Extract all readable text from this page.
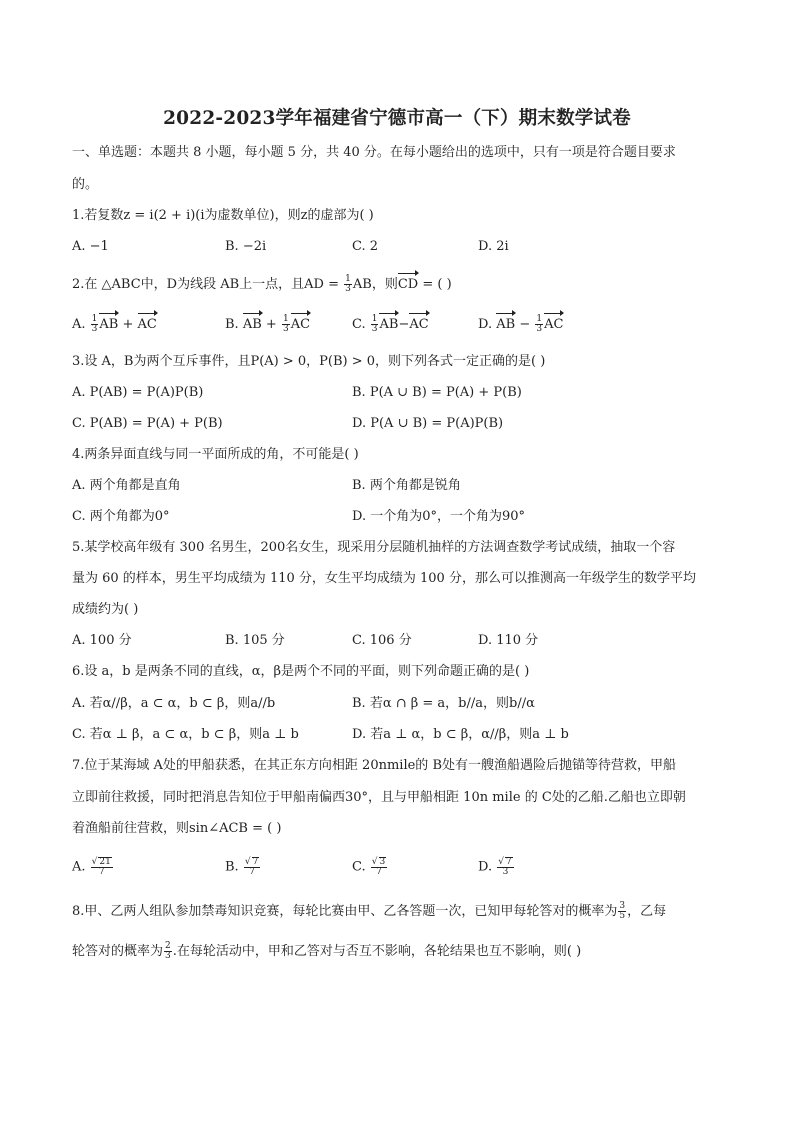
2022-2023学年福建省宁德市高一（下）期末数学试卷
一、单选题：本题共 8 小题，每小题 5 分，共 40 分。在每小题给出的选项中，只有一项是符合题目要求
的。
1.若复数z = i(2 + i)(i为虚数单位)，则z的虚部为( )
A. −1	B. −2i	C. 2	D. 2i
2.在 △ABC中，D为线段 AB上一点，且AD = $\frac{1}{3}$ AB，则CD = ( )
A. $\frac{1}{3}$ AB + AC	B. AB + $\frac{1}{3}$ AC	C. $\frac{1}{3} AB-AC$	D. AB − $\frac{1}{3}$ AC
3.设 A，B为两个互斥事件，且P(A) > 0，P(B) > 0，则下列各式一定正确的是( )
A. P(AB) = P(A)P(B)	B. P(A ∪ B) = P(A) + P(B)
C. P(AB) = P(A) + P(B)	D. P(A ∪ B) = P(A)P(B)
4.两条异面直线与同一平面所成的角，不可能是( )
A. 两个角都是直角	B. 两个角都是锐角
C. 两个角都为0°	D. 一个角为0°，一个角为90°
5.某学校高年级有 300 名男生，200名女生，现采用分层随机抽样的方法调查数学考试成绩，抽取一个容
量为 60 的样本，男生平均成绩为 110 分，女生平均成绩为 100 分，那么可以推测高一年级学生的数学平均
成绩约为( )
A. 100 分	B. 105 分	C. 106 分	D. 110 分
6.设 a，b 是两条不同的直线，α，β是两个不同的平面，则下列命题正确的是( )
A. 若α//β，a ⊂ α，b ⊂ β，则a//b	B. 若α ∩ β = a，b//a，则b//α
C. 若α ⊥ β，a ⊂ α，b ⊂ β，则a ⊥ b	D. 若a ⊥ α，b ⊂ β，α//β，则a ⊥ b
7.位于某海域 A处的甲船获悉，在其正东方向相距 20nmile的 B处有一艘渔船遇险后抛锚等待营救，甲船
立即前往救援，同时把消息告知位于甲船南偏西30°，且与甲船相距 10n mile 的 C处的乙船.乙船也立即朝
着渔船前往营救，则sin∠ACB = ( )
A. $\frac{√ 21}{7}$	B. $\frac{√ 7}{7}$	C. $\frac{√ 3}{7}$	D. $\frac{√ 7}{3}$
8.甲、乙两人组队参加禁毒知识竞赛，每轮比赛由甲、乙各答题一次，已知甲每轮答对的概率为 $\frac{3}{5}$ ，乙每
轮答对的概率为 $\frac{2}{3}$ .在每轮活动中，甲和乙答对与否互不影响，各轮结果也互不影响，则( )
